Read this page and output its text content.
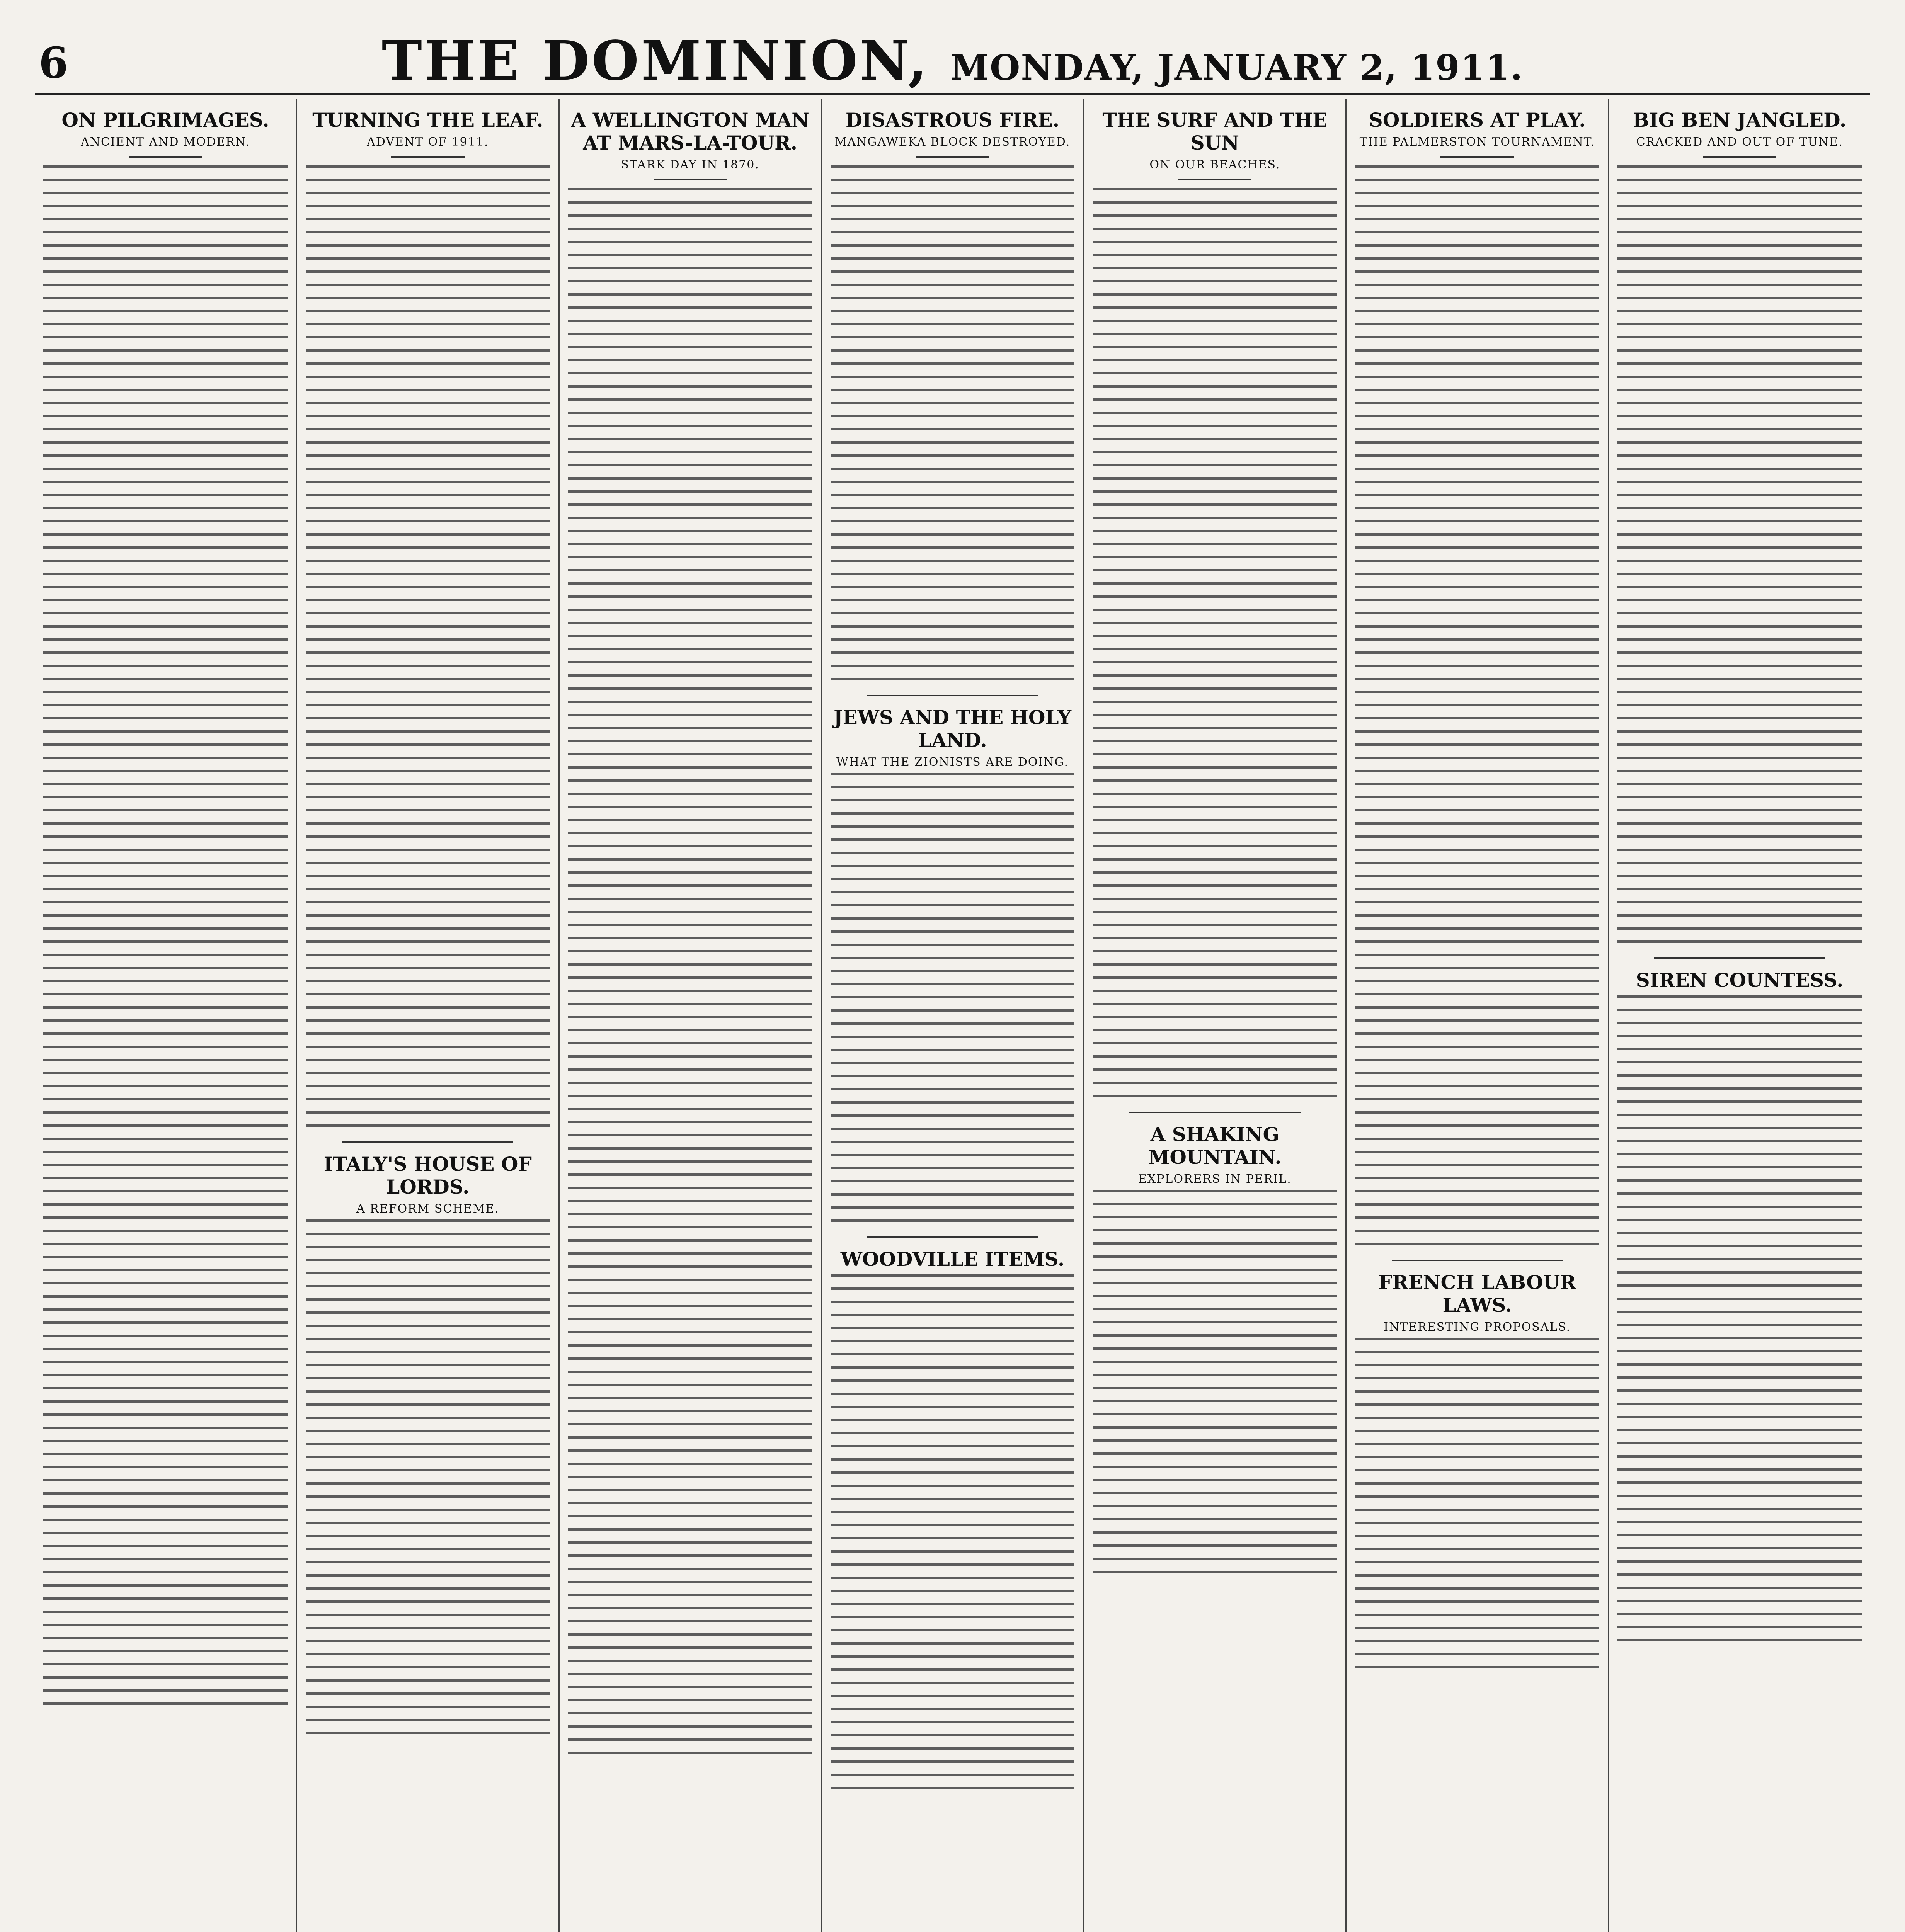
6	THE DOMINION, MONDAY, JANUARY 2, 1911.
ON PILGRIMAGES.
ANCIENT AND MODERN.
TURNING THE LEAF.
ADVENT OF 1911.
ITALY'S HOUSE OF LORDS.
A REFORM SCHEME.
A WELLINGTON MAN AT MARS-LA-TOUR.
STARK DAY IN 1870.
DISASTROUS FIRE.
MANGAWEKA BLOCK DESTROYED.
JEWS AND THE HOLY LAND.
WHAT THE ZIONISTS ARE DOING.
WOODVILLE ITEMS.
THE SURF AND THE SUN
ON OUR BEACHES.
A SHAKING MOUNTAIN.
EXPLORERS IN PERIL.
SOLDIERS AT PLAY.
THE PALMERSTON TOURNAMENT.
FRENCH LABOUR LAWS.
INTERESTING PROPOSALS.
BIG BEN JANGLED.
CRACKED AND OUT OF TUNE.
SIREN COUNTESS.
